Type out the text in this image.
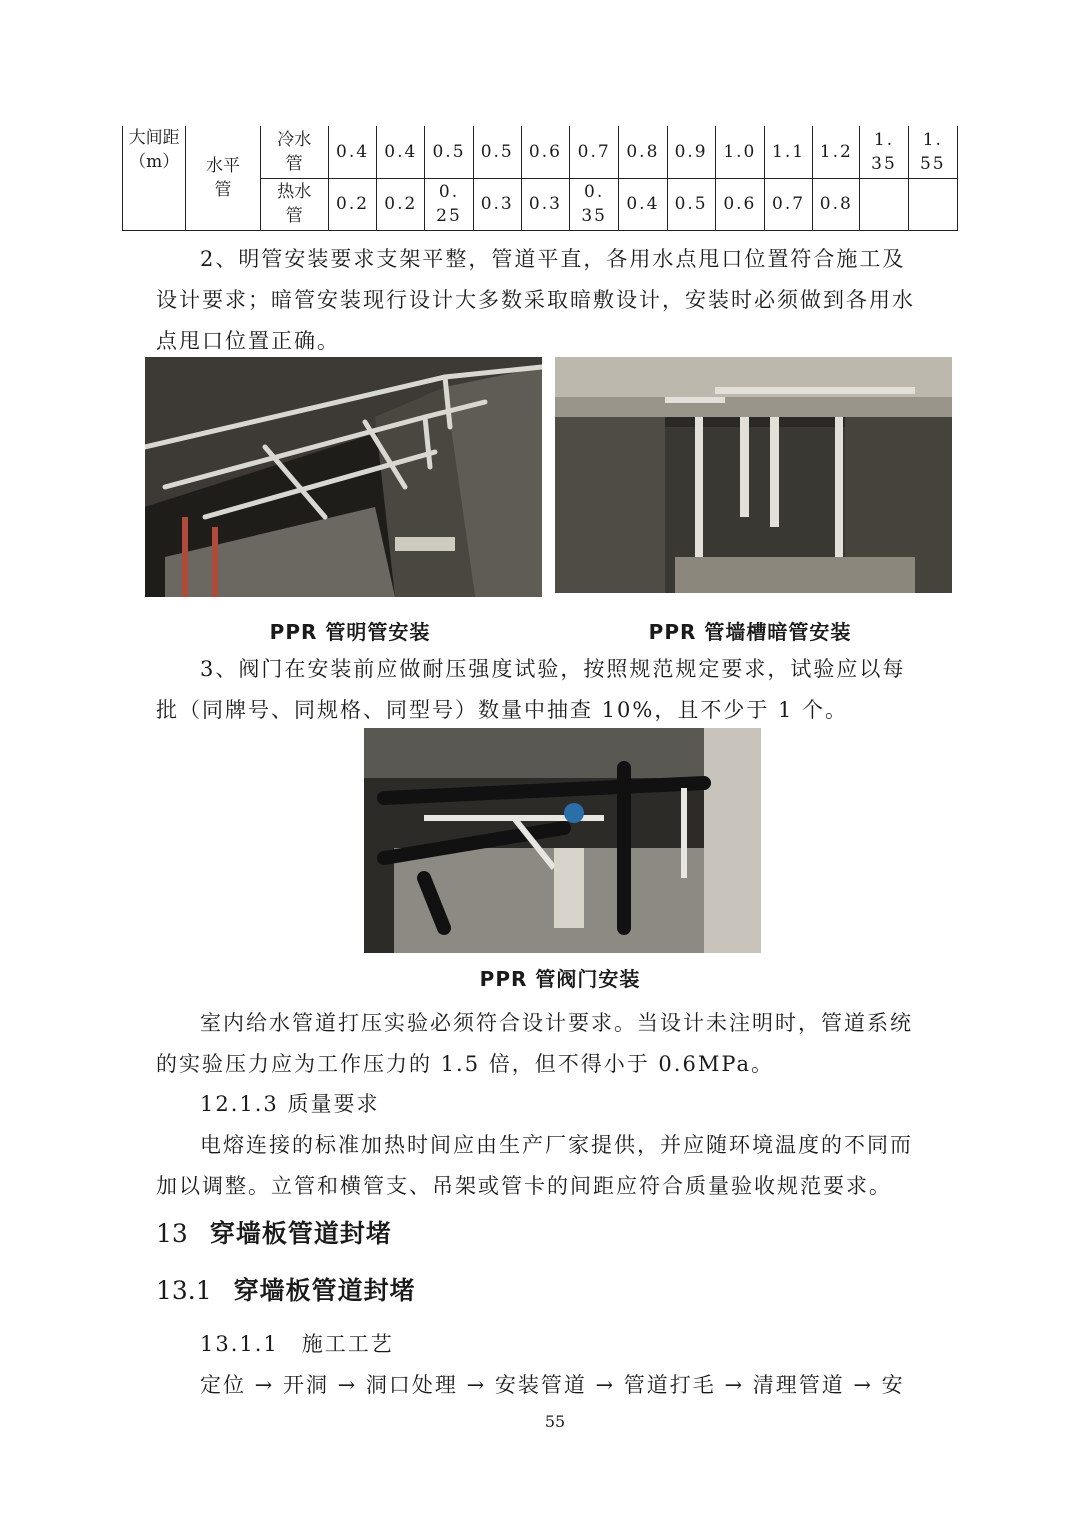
大间距（m）	水平管	冷水管	0.4	0.4	0.5	0.5	0.6	0.7	0.8	0.9	1.0	1.1	1.2	1.35	1.55

		热水管	0.2	0.2	0.25	0.3	0.3	0.35	0.4	0.5	0.6	0.7	0.8		

2、明管安装要求支架平整，管道平直，各用水点甩口位置符合施工及设计要求；暗管安装现行设计大多数采取暗敷设计，安装时必须做到各用水点甩口位置正确。

PPR 管明管安装	PPR 管墙槽暗管安装

3、阀门在安装前应做耐压强度试验，按照规范规定要求，试验应以每批（同牌号、同规格、同型号）数量中抽查 10%，且不少于 1 个。

PPR 管阀门安装

室内给水管道打压实验必须符合设计要求。当设计未注明时，管道系统的实验压力应为工作压力的 1.5 倍，但不得小于 0.6MPa。

12.1.3 质量要求

电熔连接的标准加热时间应由生产厂家提供，并应随环境温度的不同而加以调整。立管和横管支、吊架或管卡的间距应符合质量验收规范要求。

13 穿墙板管道封堵
13.1 穿墙板管道封堵

13.1.1　施工工艺

定位 → 开洞 → 洞口处理 → 安装管道 → 管道打毛 → 清理管道 → 安

55
